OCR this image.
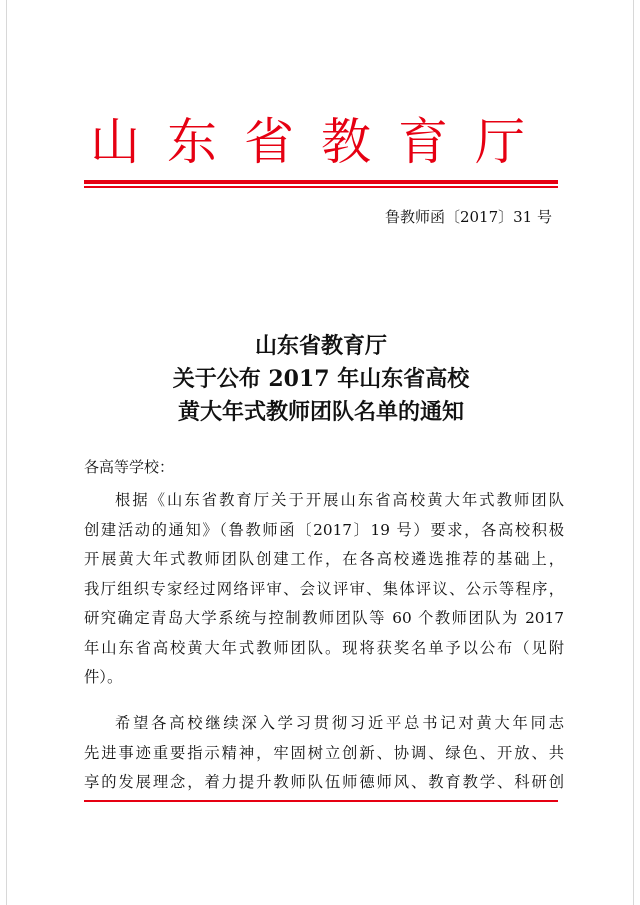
山东省教育厅
鲁教师函〔2017〕31 号
山东省教育厅
关于公布 2017 年山东省高校
黄大年式教师团队名单的通知
各高等学校：
根据《山东省教育厅关于开展山东省高校黄大年式教师团队
创建活动的通知》（鲁教师函〔2017〕19 号）要求，各高校积极
开展黄大年式教师团队创建工作，在各高校遴选推荐的基础上，
我厅组织专家经过网络评审、会议评审、集体评议、公示等程序，
研究确定青岛大学系统与控制教师团队等 60 个教师团队为 2017
年山东省高校黄大年式教师团队。现将获奖名单予以公布（见附
件）。
希望各高校继续深入学习贯彻习近平总书记对黄大年同志
先进事迹重要指示精神，牢固树立创新、协调、绿色、开放、共
享的发展理念，着力提升教师队伍师德师风、教育教学、科研创
